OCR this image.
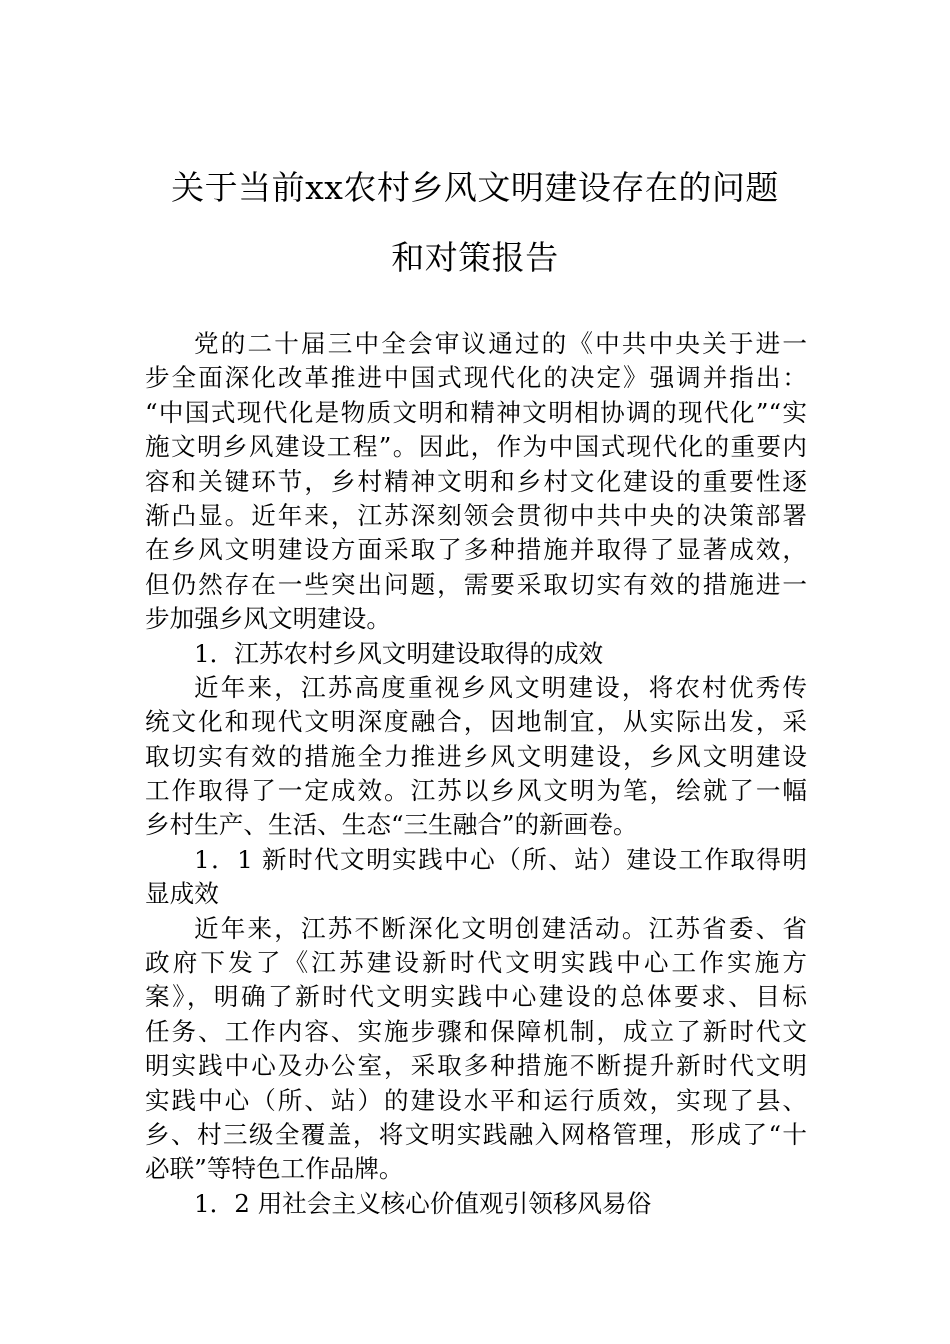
关于当前xx农村乡风文明建设存在的问题
和对策报告
党的二十届三中全会审议通过的《中共中央关于进一
步全面深化改革推进中国式现代化的决定》强调并指出：
“中国式现代化是物质文明和精神文明相协调的现代化”“实
施文明乡风建设工程”。因此，作为中国式现代化的重要内
容和关键环节，乡村精神文明和乡村文化建设的重要性逐
渐凸显。近年来，江苏深刻领会贯彻中共中央的决策部署
在乡风文明建设方面采取了多种措施并取得了显著成效，
但仍然存在一些突出问题，需要采取切实有效的措施进一
步加强乡风文明建设。
1．江苏农村乡风文明建设取得的成效
近年来，江苏高度重视乡风文明建设，将农村优秀传
统文化和现代文明深度融合，因地制宜，从实际出发，采
取切实有效的措施全力推进乡风文明建设，乡风文明建设
工作取得了一定成效。江苏以乡风文明为笔，绘就了一幅
乡村生产、生活、生态“三生融合”的新画卷。
1．1 新时代文明实践中心（所、站）建设工作取得明
显成效
近年来，江苏不断深化文明创建活动。江苏省委、省
政府下发了《江苏建设新时代文明实践中心工作实施方
案》，明确了新时代文明实践中心建设的总体要求、目标
任务、工作内容、实施步骤和保障机制，成立了新时代文
明实践中心及办公室，采取多种措施不断提升新时代文明
实践中心（所、站）的建设水平和运行质效，实现了县、
乡、村三级全覆盖，将文明实践融入网格管理，形成了“十
必联”等特色工作品牌。
1．2 用社会主义核心价值观引领移风易俗
